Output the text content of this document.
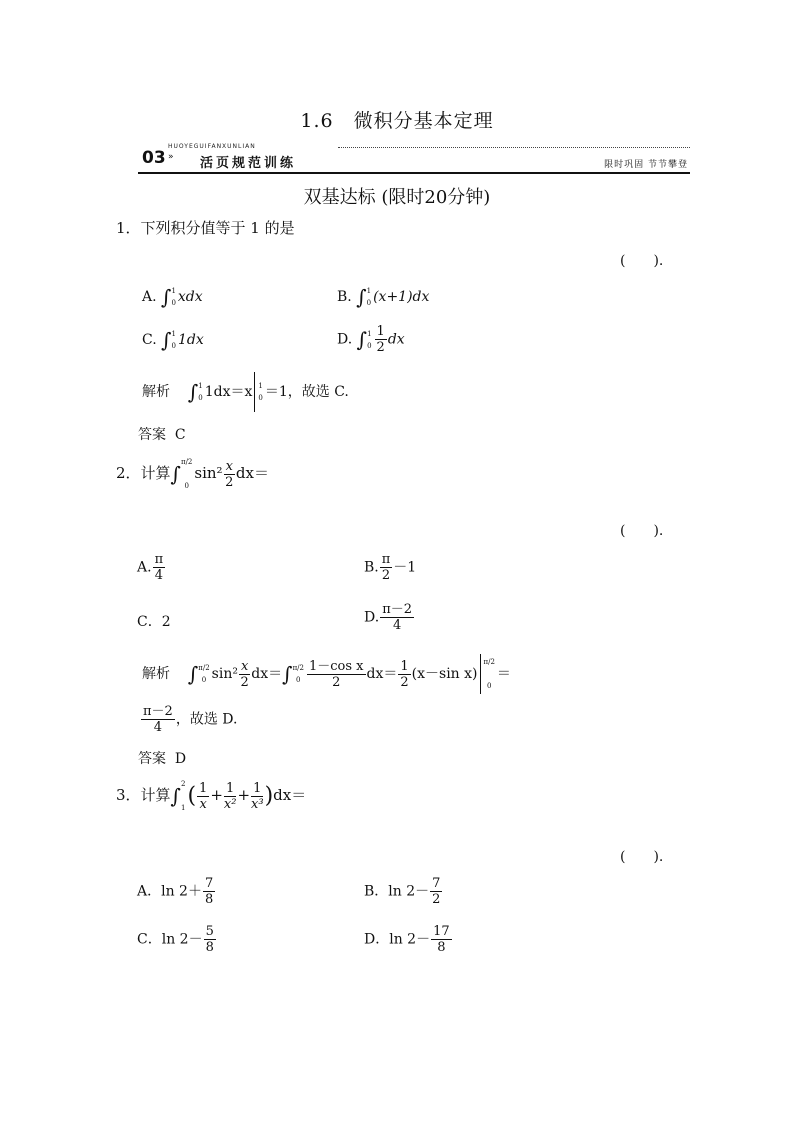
1.6　微积分基本定理
HUOYEGUIFANXUNLIAN
03 » 活页规范训练	限时巩固 节节攀登
双基达标 (限时20分钟)
1．下列积分值等于 1 的是
(　　).
A. ∫1
0 xdx	B. ∫1
0 (x+1)dx
C. ∫1
0 1dx	D. ∫1
$0 \frac{1}{2}$ dx
解析 ∫1
0 1dx＝x 1
0 ＝1，故选 C.
答案 C
2．计算∫π/2

$0\sin^2 \frac{x}{2} dx=$
(　　).
A. $\frac{\pi}{4}$	B. $\frac{\pi}{2} -1$
C．2	D. $\frac{\pi-2}{4}$
解析 ∫π/2
0 $\sin^2 \frac{x}{2} dx=\int\pi/2$
$0 \frac{\text{1－cos x}}{2} dx= \frac{1}{2} (x-\sin$ x)π/2

0＝
$\frac{\pi-2}{4}$ ，故选 D.
答案 D
3．计算∫2

$1( \frac{1}{x} + \frac{1}{\text{x²}} + \frac{1}{\text{x³}} )dx=$
(　　).
A．$\ln 2+ \frac{7}{8}$	B．$\ln 2- \frac{7}{2}$
C．$\ln 2- \frac{5}{8}$	D．$\ln 2- \frac{17}{8}$
